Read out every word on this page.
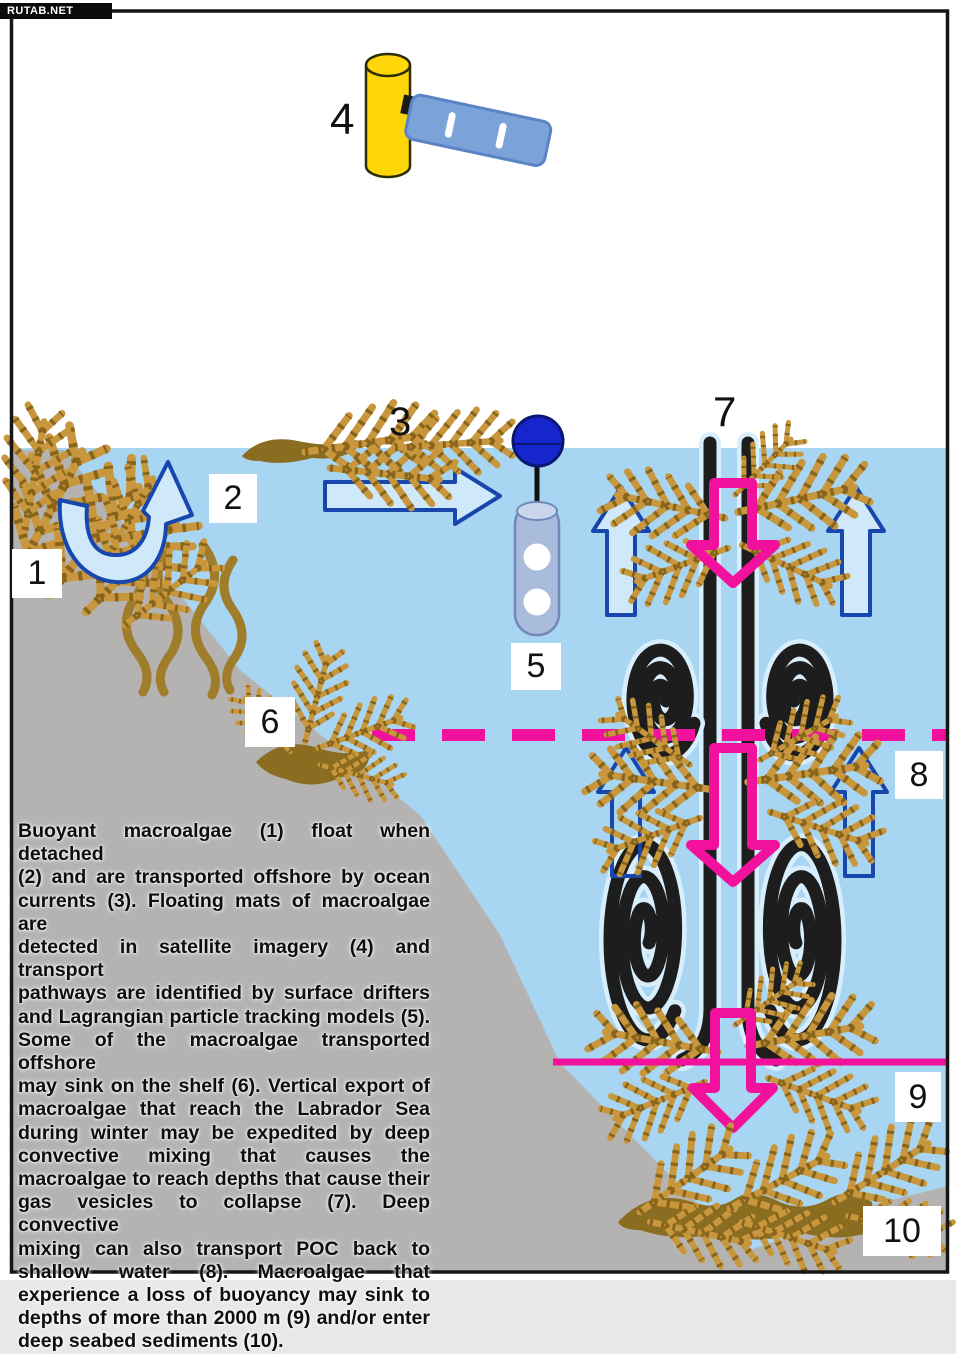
RUTAB.NET
1
2
5
6
8
9
10
3
4
7
Buoyant macroalgae (1) float when detached
(2) and are transported offshore by ocean
currents (3). Floating mats of macroalgae are
detected in satellite imagery (4) and transport
pathways are identified by surface drifters
and Lagrangian particle tracking models (5).
Some of the macroalgae transported offshore
may sink on the shelf (6). Vertical export of
macroalgae that reach the Labrador Sea
during winter may be expedited by deep
convective mixing that causes the
macroalgae to reach depths that cause their
gas vesicles to collapse (7). Deep convective
mixing can also transport POC back to
shallow water (8). Macroalgae that
experience a loss of buoyancy may sink to
depths of more than 2000 m (9) and/or enter
deep seabed sediments (10).
